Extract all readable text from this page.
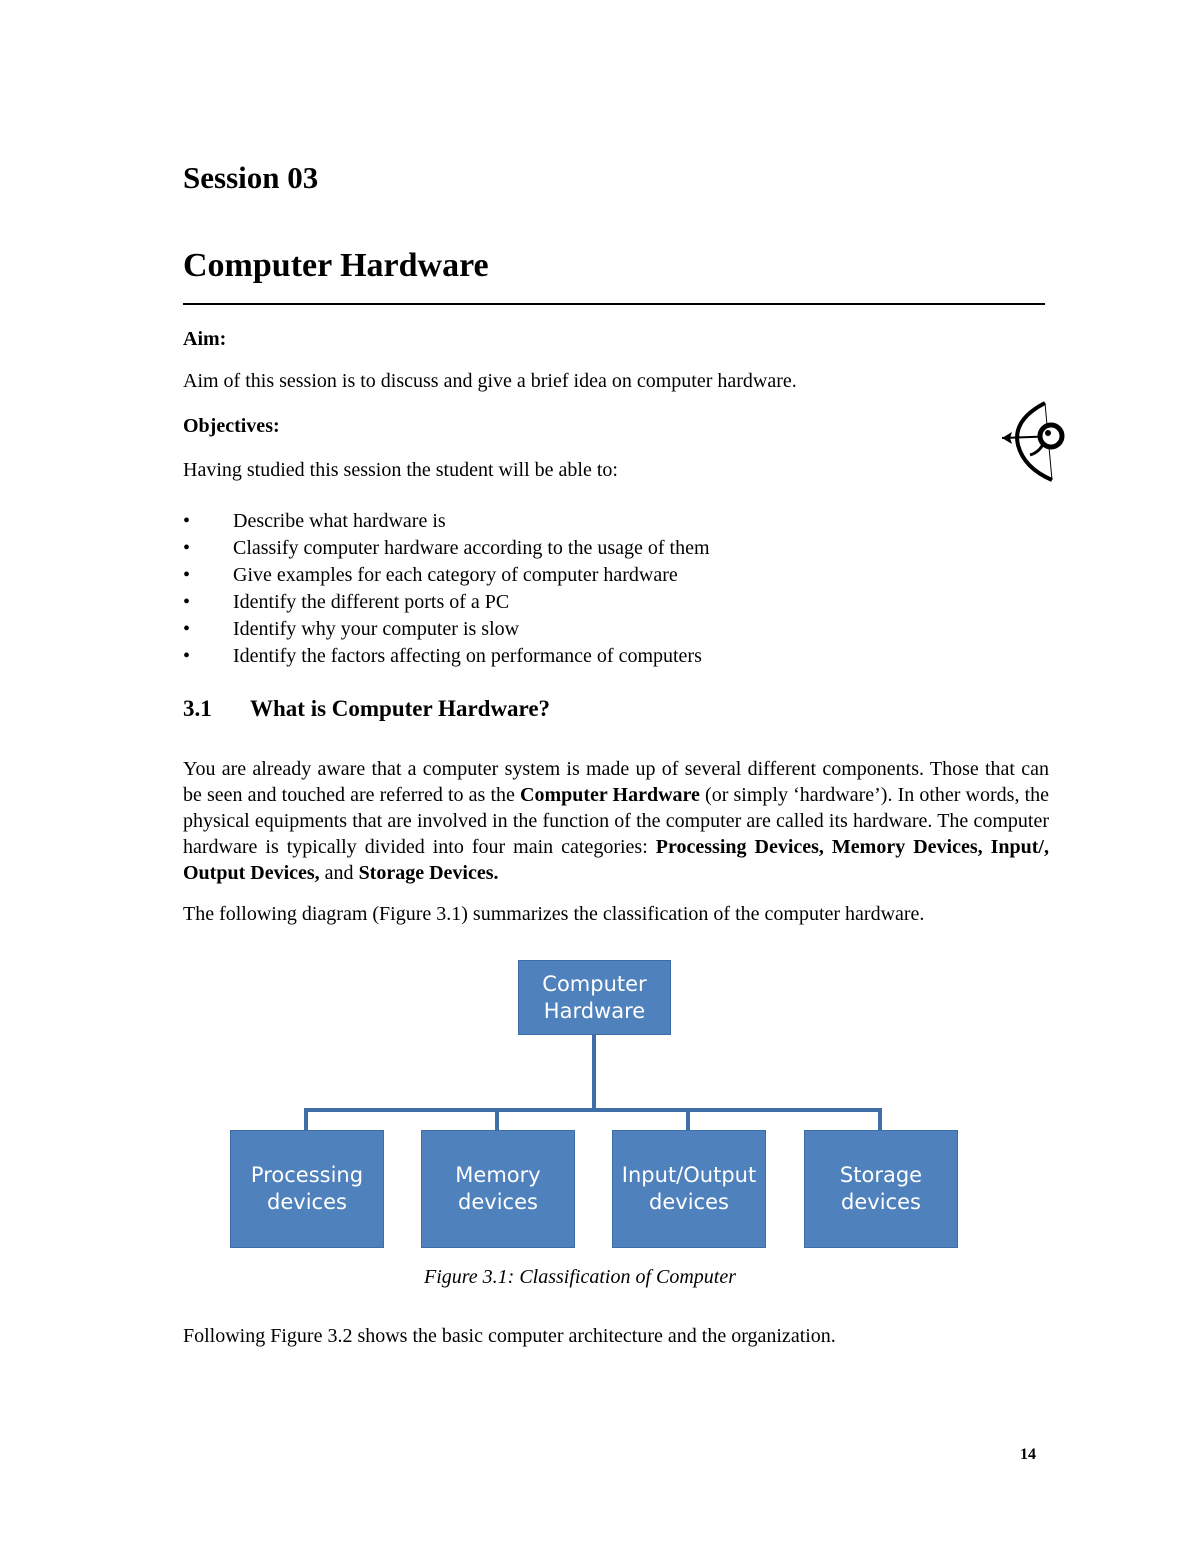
Session 03
Computer Hardware
Aim:
Aim of this session is to discuss and give a brief idea on computer hardware.
Objectives:
Having studied this session the student will be able to:
• Describe what hardware is
• Classify computer hardware according to the usage of them
• Give examples for each category of computer hardware
• Identify the different ports of a PC
• Identify why your computer is slow
• Identify the factors affecting on performance of computers
3.1 What is Computer Hardware?

You are already aware that a computer system is made up of several different components. Those that can be seen and touched are referred to as the Computer Hardware (or simply ‘hardware’). In other words, the physical equipments that are involved in the function of the computer are called its hardware. The computer hardware is typically divided into four main categories: Processing Devices, Memory Devices, Input/, Output Devices, and Storage Devices.

The following diagram (Figure 3.1) summarizes the classification of the computer hardware.
Computer
Hardware
Processing
devices
Memory
devices
Input/Output
devices
Storage
devices
Figure 3.1: Classification of Computer
Following Figure 3.2 shows the basic computer architecture and the organization.
14
